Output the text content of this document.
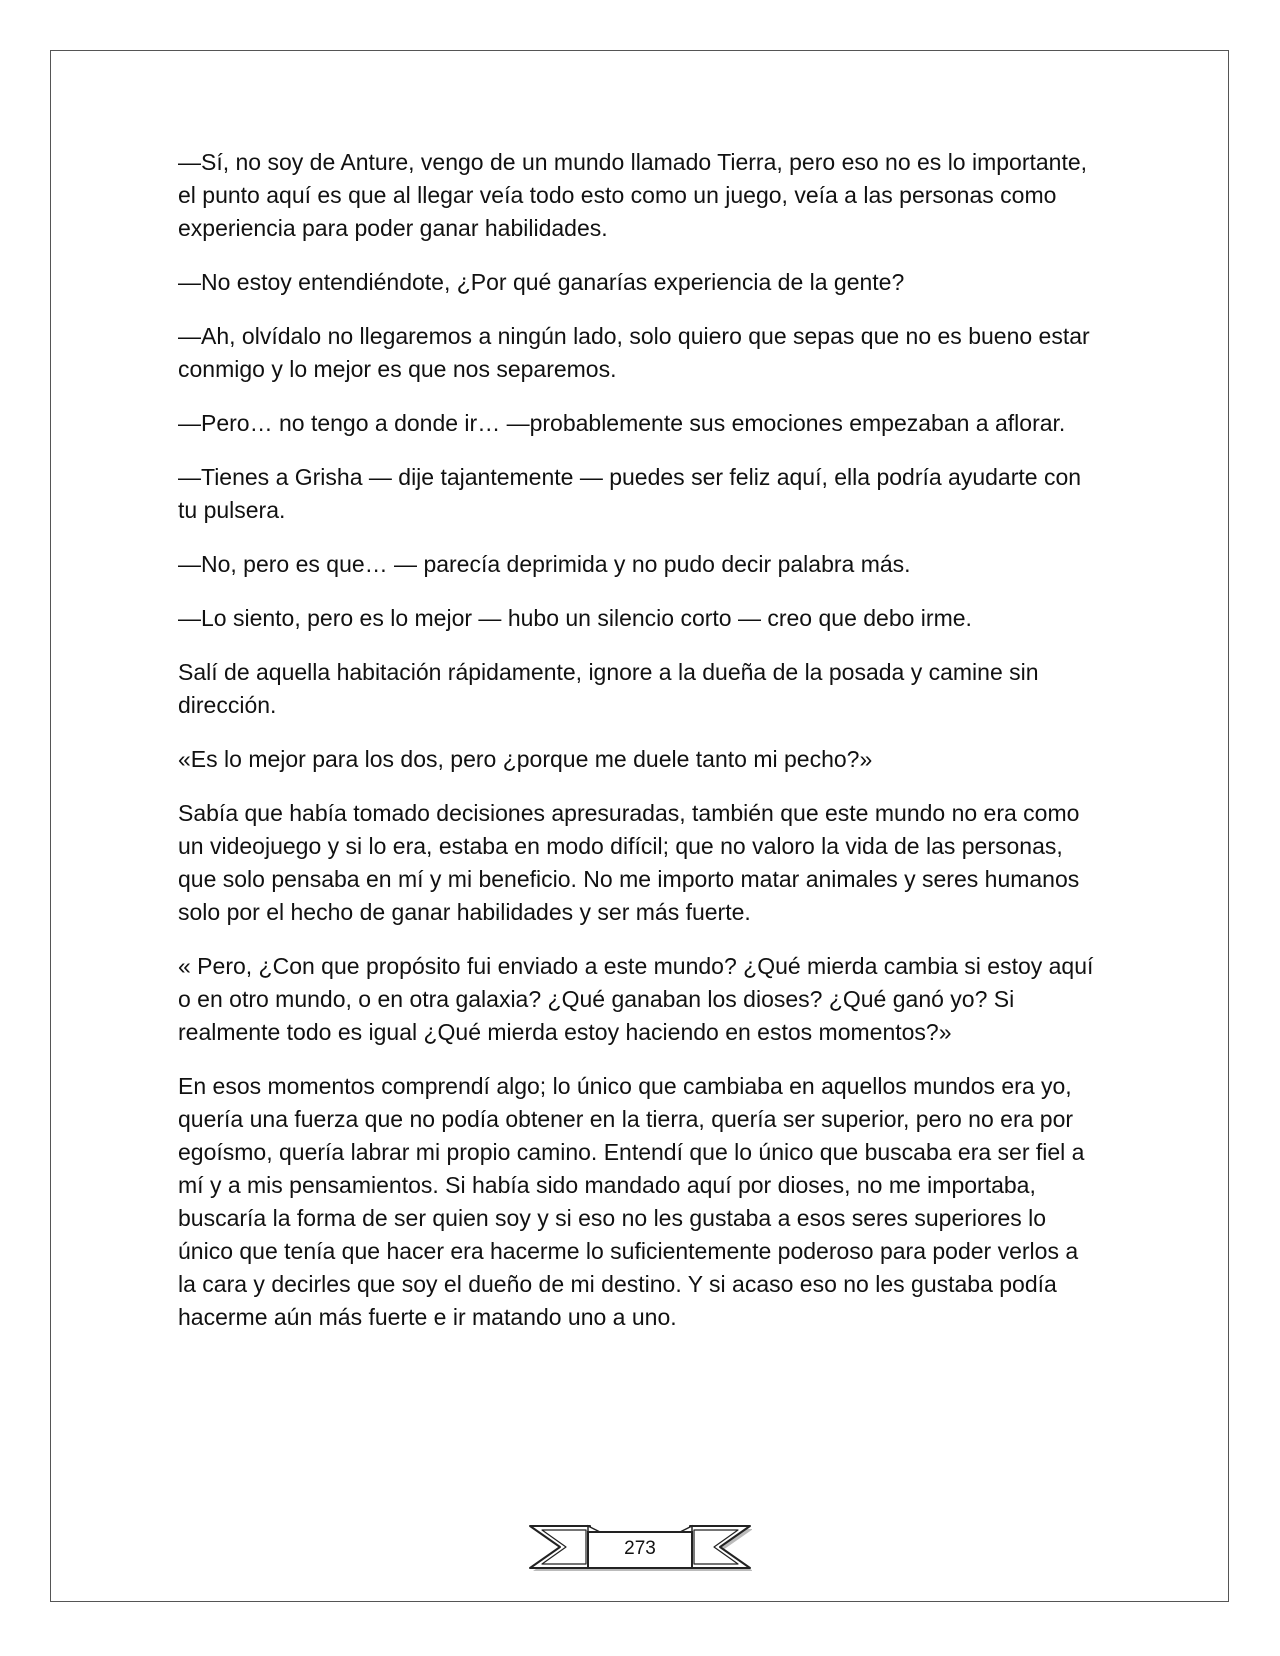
—Sí, no soy de Anture, vengo de un mundo llamado Tierra, pero eso no es lo importante, el punto aquí es que al llegar veía todo esto como un juego, veía a las personas como experiencia para poder ganar habilidades.

—No estoy entendiéndote, ¿Por qué ganarías experiencia de la gente?

—Ah, olvídalo no llegaremos a ningún lado, solo quiero que sepas que no es bueno estar conmigo y lo mejor es que nos separemos.

—Pero… no tengo a donde ir… —probablemente sus emociones empezaban a aflorar.

—Tienes a Grisha — dije tajantemente — puedes ser feliz aquí, ella podría ayudarte con tu pulsera.

—No, pero es que… — parecía deprimida y no pudo decir palabra más.

—Lo siento, pero es lo mejor — hubo un silencio corto — creo que debo irme.

Salí de aquella habitación rápidamente, ignore a la dueña de la posada y camine sin dirección.

«Es lo mejor para los dos, pero ¿porque me duele tanto mi pecho?»

Sabía que había tomado decisiones apresuradas, también que este mundo no era como un videojuego y si lo era, estaba en modo difícil; que no valoro la vida de las personas, que solo pensaba en mí y mi beneficio. No me importo matar animales y seres humanos solo por el hecho de ganar habilidades y ser más fuerte.

« Pero, ¿Con que propósito fui enviado a este mundo? ¿Qué mierda cambia si estoy aquí o en otro mundo, o en otra galaxia? ¿Qué ganaban los dioses? ¿Qué ganó yo? Si realmente todo es igual ¿Qué mierda estoy haciendo en estos momentos?»

En esos momentos comprendí algo; lo único que cambiaba en aquellos mundos era yo, quería una fuerza que no podía obtener en la tierra, quería ser superior, pero no era por egoísmo, quería labrar mi propio camino. Entendí que lo único que buscaba era ser fiel a mí y a mis pensamientos. Si había sido mandado aquí por dioses, no me importaba, buscaría la forma de ser quien soy y si eso no les gustaba a esos seres superiores lo único que tenía que hacer era hacerme lo suficientemente poderoso para poder verlos a la cara y decirles que soy el dueño de mi destino. Y si acaso eso no les gustaba podía hacerme aún más fuerte e ir matando uno a uno.

273
